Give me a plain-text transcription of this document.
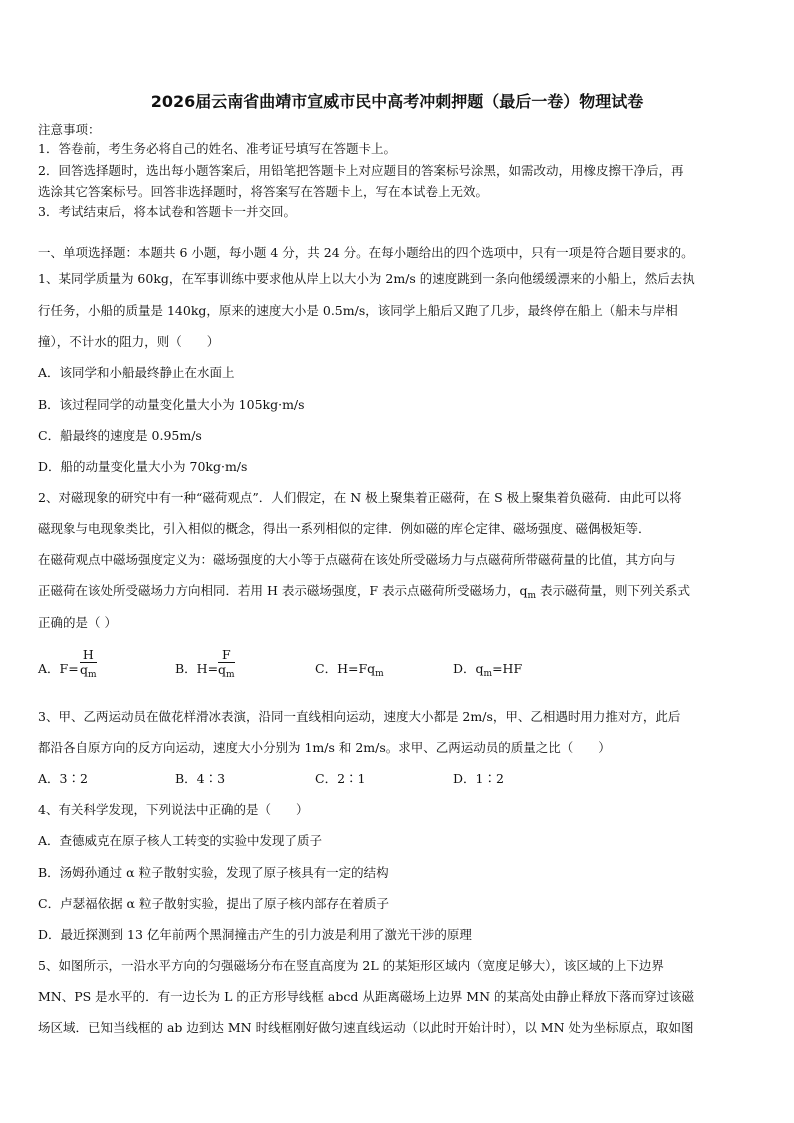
2026届云南省曲靖市宣威市民中高考冲刺押题（最后一卷）物理试卷
注意事项：
1．答卷前，考生务必将自己的姓名、准考证号填写在答题卡上。
2．回答选择题时，选出每小题答案后，用铅笔把答题卡上对应题目的答案标号涂黑，如需改动，用橡皮擦干净后，再
选涂其它答案标号。回答非选择题时，将答案写在答题卡上，写在本试卷上无效。
3．考试结束后，将本试卷和答题卡一并交回。
一、单项选择题：本题共 6 小题，每小题 4 分，共 24 分。在每小题给出的四个选项中，只有一项是符合题目要求的。
1、某同学质量为 60kg，在军事训练中要求他从岸上以大小为 2m/s 的速度跳到一条向他缓缓漂来的小船上，然后去执
行任务，小船的质量是 140kg，原来的速度大小是 0.5m/s，该同学上船后又跑了几步，最终停在船上（船未与岸相
撞），不计水的阻力，则（　　）
A．该同学和小船最终静止在水面上
B．该过程同学的动量变化量大小为 105kg·m/s
C．船最终的速度是 0.95m/s
D．船的动量变化量大小为 70kg·m/s
2、对磁现象的研究中有一种“磁荷观点”．人们假定，在 N 极上聚集着正磁荷，在 S 极上聚集着负磁荷．由此可以将
磁现象与电现象类比，引入相似的概念，得出一系列相似的定律．例如磁的库仑定律、磁场强度、磁偶极矩等．
在磁荷观点中磁场强度定义为：磁场强度的大小等于点磁荷在该处所受磁场力与点磁荷所带磁荷量的比值，其方向与
正磁荷在该处所受磁场力方向相同．若用 H 表示磁场强度，F 表示点磁荷所受磁场力，$q_m$ 表示磁荷量，则下列关系式
正确的是（ ）
A．$F= \frac{H}{q_m}$	B．$H= \frac{F}{q_m}$	C．$H=Fq_m$	D．$q_m=HF$
3、甲、乙两运动员在做花样滑冰表演，沿同一直线相向运动，速度大小都是 2m/s，甲、乙相遇时用力推对方，此后
都沿各自原方向的反方向运动，速度大小分别为 1m/s 和 2m/s。求甲、乙两运动员的质量之比（　　）
A．3∶2	B．4∶3	C．2∶1	D．1∶2
4、有关科学发现，下列说法中正确的是（　　）
A．查德威克在原子核人工转变的实验中发现了质子
B．汤姆孙通过 α 粒子散射实验，发现了原子核具有一定的结构
C．卢瑟福依据 α 粒子散射实验，提出了原子核内部存在着质子
D．最近探测到 13 亿年前两个黑洞撞击产生的引力波是利用了激光干涉的原理
5、如图所示，一沿水平方向的匀强磁场分布在竖直高度为 2L 的某矩形区域内（宽度足够大），该区域的上下边界
MN、PS 是水平的．有一边长为 L 的正方形导线框 abcd 从距离磁场上边界 MN 的某高处由静止释放下落而穿过该磁
场区域．已知当线框的 ab 边到达 MN 时线框刚好做匀速直线运动（以此时开始计时），以 MN 处为坐标原点，取如图
